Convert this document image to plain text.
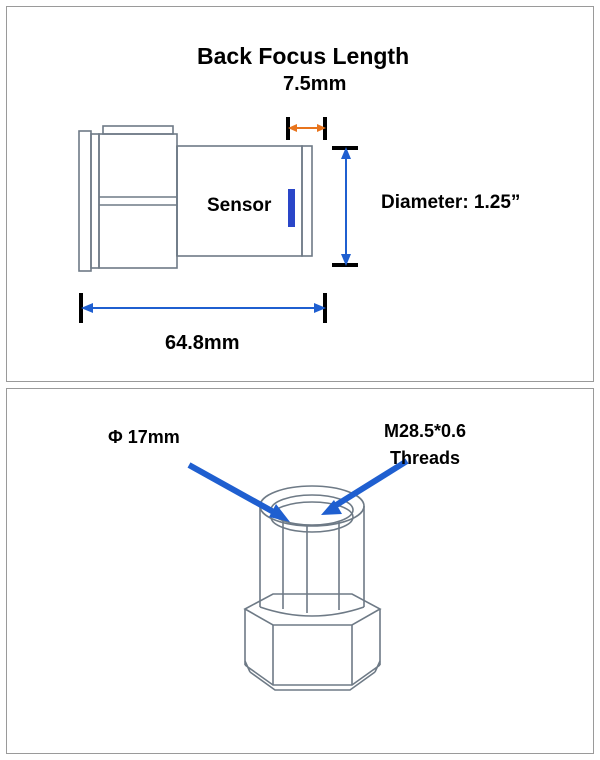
Back Focus Length
7.5mm
Sensor	Diameter: 1.25”
64.8mm
Φ 17mm	M28.5*0.6
Threads
